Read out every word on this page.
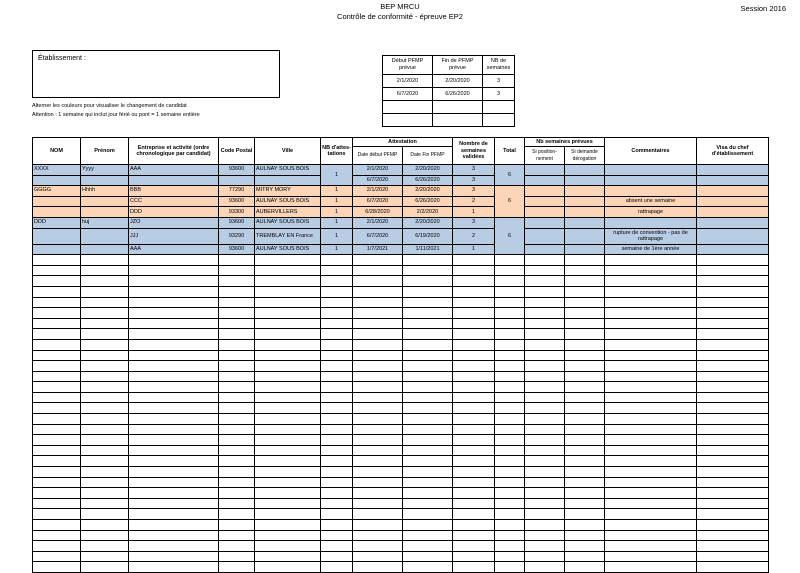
BEP MRCU
Contrôle de conformité - épreuve EP2
Session 2016
Établissement :
Alterner les couleurs pour visualiser le changement de candidat
Attention : 1 semaine qui inclut jour férié ou pont = 1 semaine entière
Début PFMP prévue	Fin de PFMP prévue	NB de semaines
2/1/2020	2/20/2020	3
6/7/2020	6/26/2020	3

NOM	Prénom	Entreprise et activité (ordre chronologique par candidat)	Code Postal	Ville	NB d'attes-tations	Attestation		Nombre de semaines validées	Total	Nb semaines prévues		Commentaires	Visa du chef d'établissement
						Date début PFMP	Date Fin PFMP			Si position-nement	Si demande dérogation		
XXXX	Yyyy	AAA	93600	AULNAY SOUS BOIS	1	2/1/2020	2/20/2020	3	6				
						6/7/2020	6/26/2020	3					
GGGG	Hhhh	BBB	77290	MITRY MORY	1	2/1/2020	2/20/2020	3	6				
		CCC	93600	AULNAY SOUS BOIS	1	6/7/2020	6/26/2020	2				absent une semaine	
		DDD	93300	AUBERVILLERS	1	6/28/2020	2/2/2020	1				rattrapage	
DDD	huj	JZO	93600	AULNAY SOUS BOIS	1	2/1/2020	2/20/2020	3	6				
		JJJ	93290	TREMBLAY EN France	1	6/7/2020	6/19/2020	2				rupture de convention - pas de rattrapage	
		AAA	93600	AULNAY SOUS BOIS	1	1/7/2021	1/11/2021	1				semaine de 1ère année	
